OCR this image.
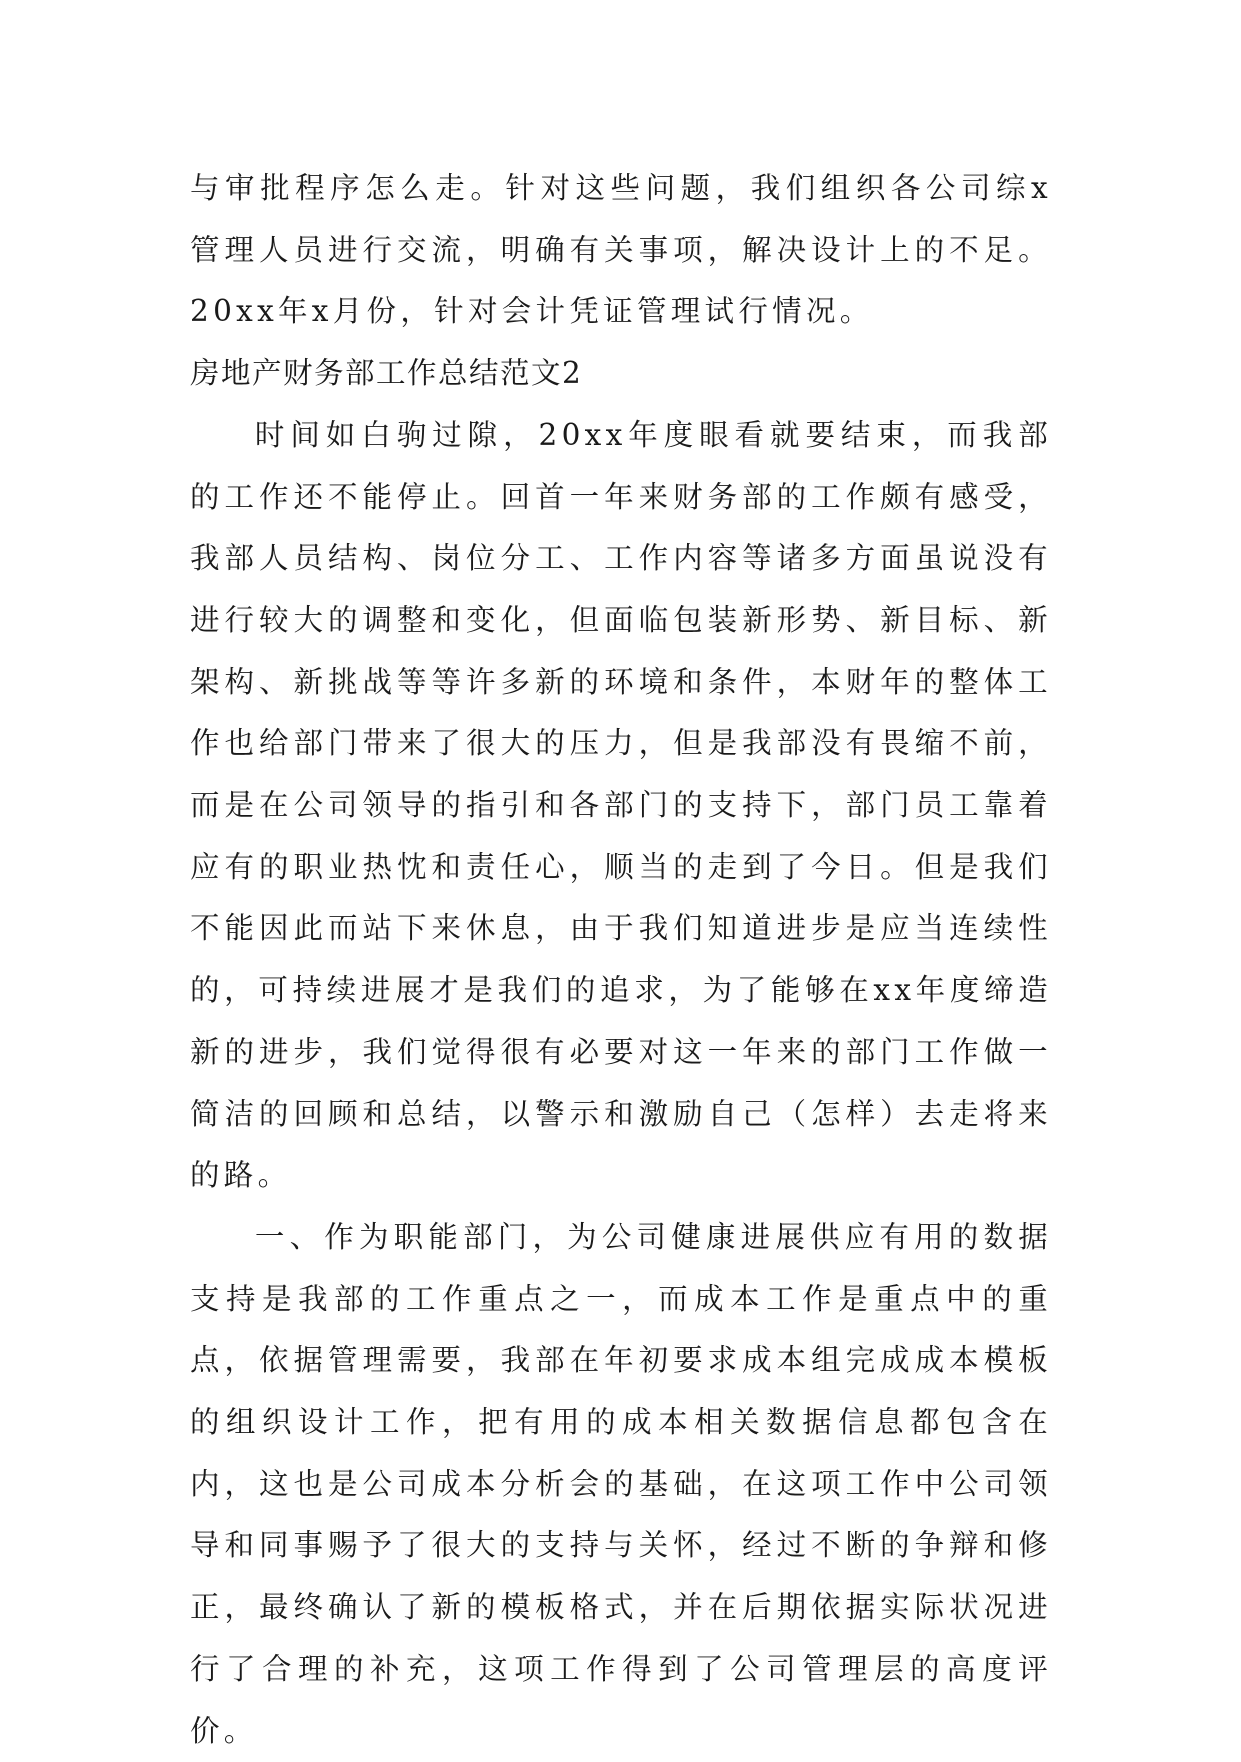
与审批程序怎么走。针对这些问题，我们组织各公司综x管理人员进行交流，明确有关事项，解决设计上的不足。20xx年x月份，针对会计凭证管理试行情况。

房地产财务部工作总结范文2

时间如白驹过隙，20xx年度眼看就要结束，而我部的工作还不能停止。回首一年来财务部的工作颇有感受，我部人员结构、岗位分工、工作内容等诸多方面虽说没有进行较大的调整和变化，但面临包装新形势、新目标、新架构、新挑战等等许多新的环境和条件，本财年的整体工作也给部门带来了很大的压力，但是我部没有畏缩不前，而是在公司领导的指引和各部门的支持下，部门员工靠着应有的职业热忱和责任心，顺当的走到了今日。但是我们不能因此而站下来休息，由于我们知道进步是应当连续性的，可持续进展才是我们的追求，为了能够在xx年度缔造新的进步，我们觉得很有必要对这一年来的部门工作做一简洁的回顾和总结，以警示和激励自己（怎样）去走将来的路。

一、作为职能部门，为公司健康进展供应有用的数据支持是我部的工作重点之一，而成本工作是重点中的重点，依据管理需要，我部在年初要求成本组完成成本模板的组织设计工作，把有用的成本相关数据信息都包含在内，这也是公司成本分析会的基础，在这项工作中公司领导和同事赐予了很大的支持与关怀，经过不断的争辩和修正，最终确认了新的模板格式，并在后期依据实际状况进行了合理的补充，这项工作得到了公司管理层的高度评价。
